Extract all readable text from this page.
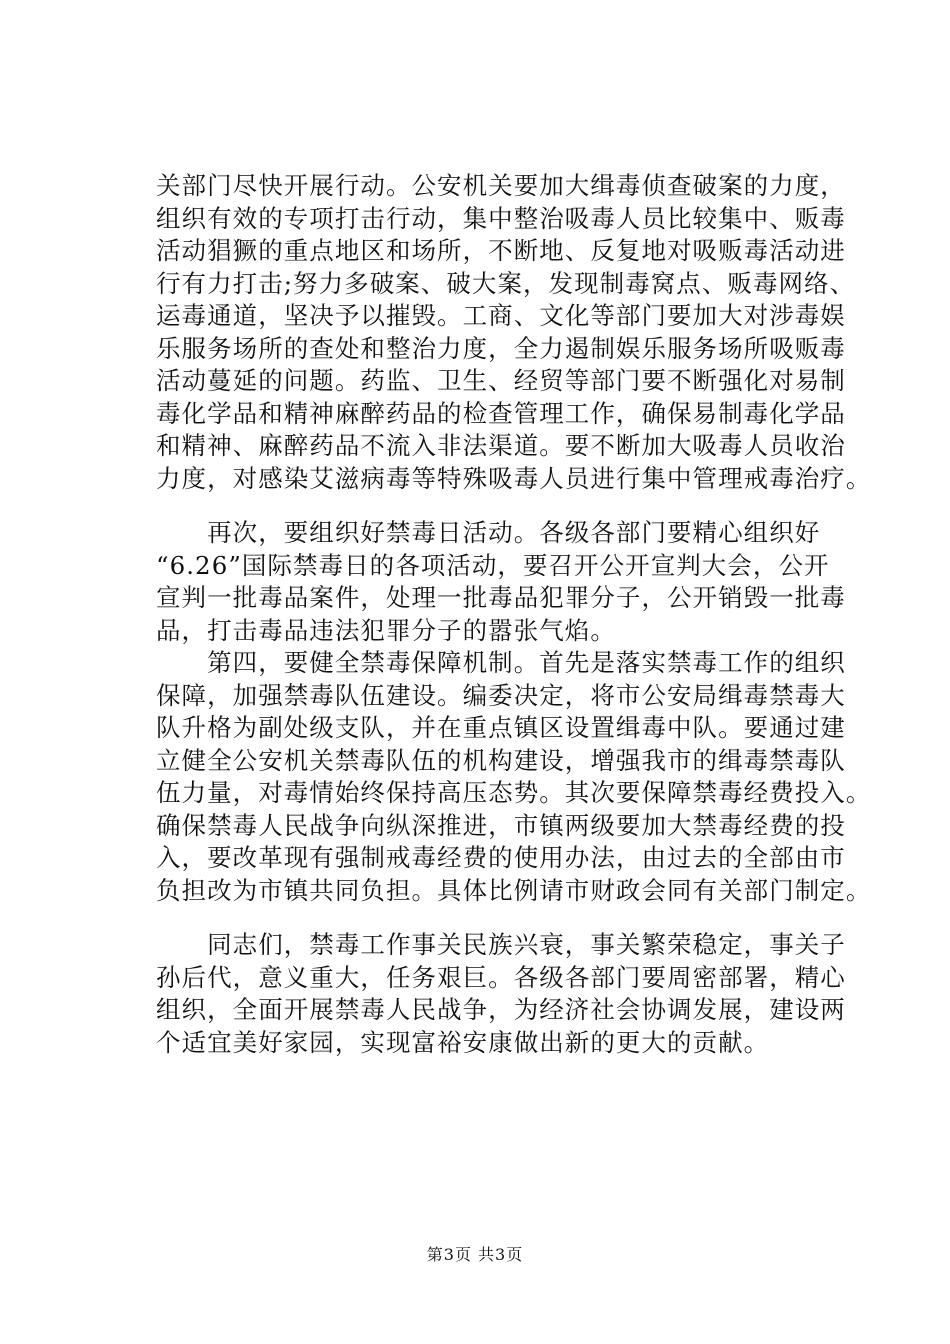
关部门尽快开展行动。公安机关要加大缉毒侦查破案的力度，
组织有效的专项打击行动，集中整治吸毒人员比较集中、贩毒
活动猖獗的重点地区和场所，不断地、反复地对吸贩毒活动进
行有力打击;努力多破案、破大案，发现制毒窝点、贩毒网络、
运毒通道，坚决予以摧毁。工商、文化等部门要加大对涉毒娱
乐服务场所的查处和整治力度，全力遏制娱乐服务场所吸贩毒
活动蔓延的问题。药监、卫生、经贸等部门要不断强化对易制
毒化学品和精神麻醉药品的检查管理工作，确保易制毒化学品
和精神、麻醉药品不流入非法渠道。要不断加大吸毒人员收治
力度，对感染艾滋病毒等特殊吸毒人员进行集中管理戒毒治疗。
　　再次，要组织好禁毒日活动。各级各部门要精心组织好
“6.26”国际禁毒日的各项活动，要召开公开宣判大会，公开
宣判一批毒品案件，处理一批毒品犯罪分子，公开销毁一批毒
品，打击毒品违法犯罪分子的嚣张气焰。
　　第四，要健全禁毒保障机制。首先是落实禁毒工作的组织
保障，加强禁毒队伍建设。编委决定，将市公安局缉毒禁毒大
队升格为副处级支队，并在重点镇区设置缉毒中队。要通过建
立健全公安机关禁毒队伍的机构建设，增强我市的缉毒禁毒队
伍力量，对毒情始终保持高压态势。其次要保障禁毒经费投入。
确保禁毒人民战争向纵深推进，市镇两级要加大禁毒经费的投
入，要改革现有强制戒毒经费的使用办法，由过去的全部由市
负担改为市镇共同负担。具体比例请市财政会同有关部门制定。
　　同志们，禁毒工作事关民族兴衰，事关繁荣稳定，事关子
孙后代，意义重大，任务艰巨。各级各部门要周密部署，精心
组织，全面开展禁毒人民战争，为经济社会协调发展，建设两
个适宜美好家园，实现富裕安康做出新的更大的贡献。
第3页 共3页
